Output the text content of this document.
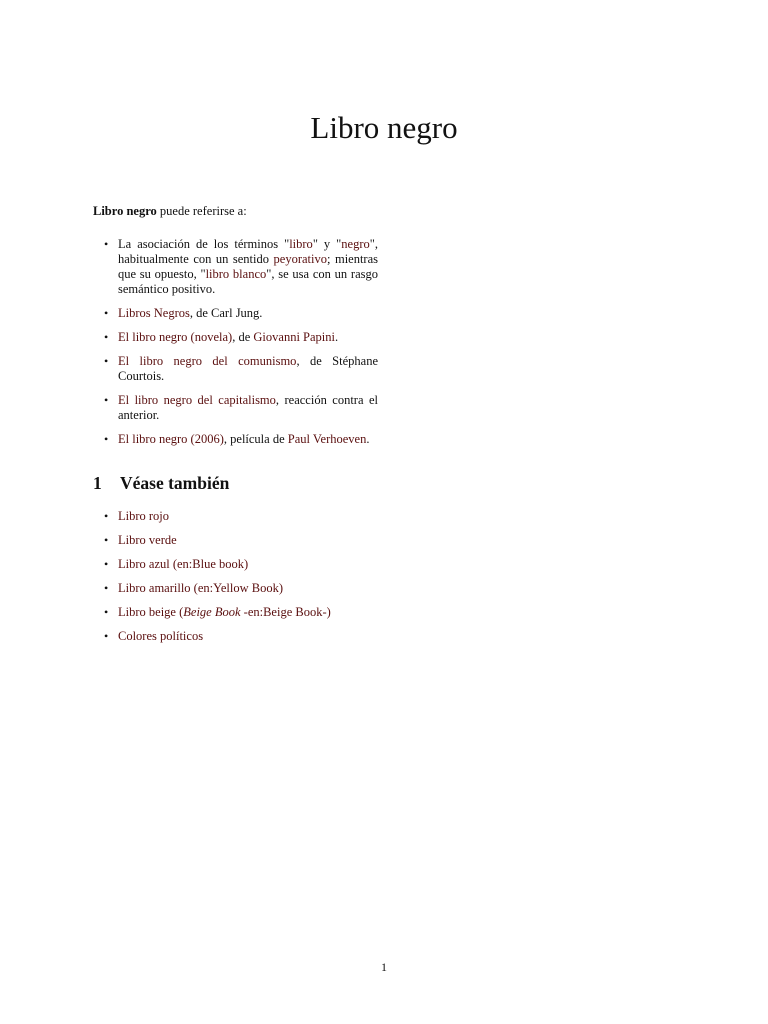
Libro negro

Libro negro puede referirse a:

• La asociación de los términos "libro" y "negro", habitualmente con un sentido peyorativo; mientras que su opuesto, "libro blanco", se usa con un rasgo semántico positivo.
• Libros Negros, de Carl Jung.
• El libro negro (novela), de Giovanni Papini.
• El libro negro del comunismo, de Stéphane Courtois.
• El libro negro del capitalismo, reacción contra el anterior.
• El libro negro (2006), película de Paul Verhoeven.
1 Véase también
• Libro rojo
• Libro verde
• Libro azul (en:Blue book)
• Libro amarillo (en:Yellow Book)
• Libro beige (Beige Book -en:Beige Book-)
• Colores políticos
1
